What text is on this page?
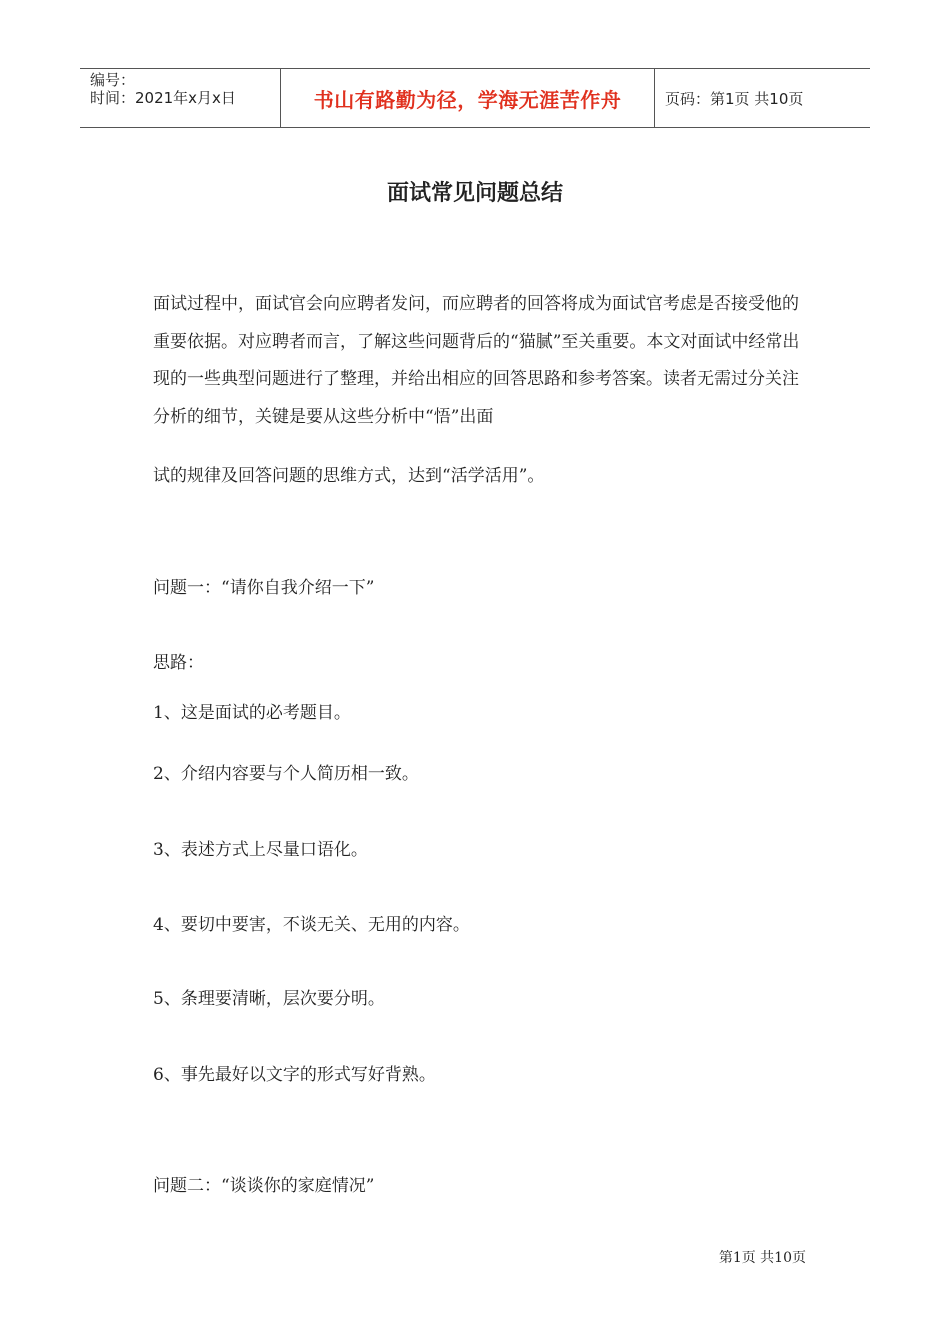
编号：
时间：2021年x月x日	书山有路勤为径，学海无涯苦作舟	页码：第1页 共10页
面试常见问题总结

面试过程中，面试官会向应聘者发问，而应聘者的回答将成为面试官考虑是否接受他的重要依据。对应聘者而言，了解这些问题背后的“猫腻”至关重要。本文对面试中经常出现的一些典型问题进行了整理，并给出相应的回答思路和参考答案。读者无需过分关注分析的细节，关键是要从这些分析中“悟”出面

试的规律及回答问题的思维方式，达到“活学活用”。

问题一：“请你自我介绍一下”

思路：

1、这是面试的必考题目。

2、介绍内容要与个人简历相一致。

3、表述方式上尽量口语化。

4、要切中要害，不谈无关、无用的内容。

5、条理要清晰，层次要分明。

6、事先最好以文字的形式写好背熟。

问题二：“谈谈你的家庭情况”

第1页 共10页
